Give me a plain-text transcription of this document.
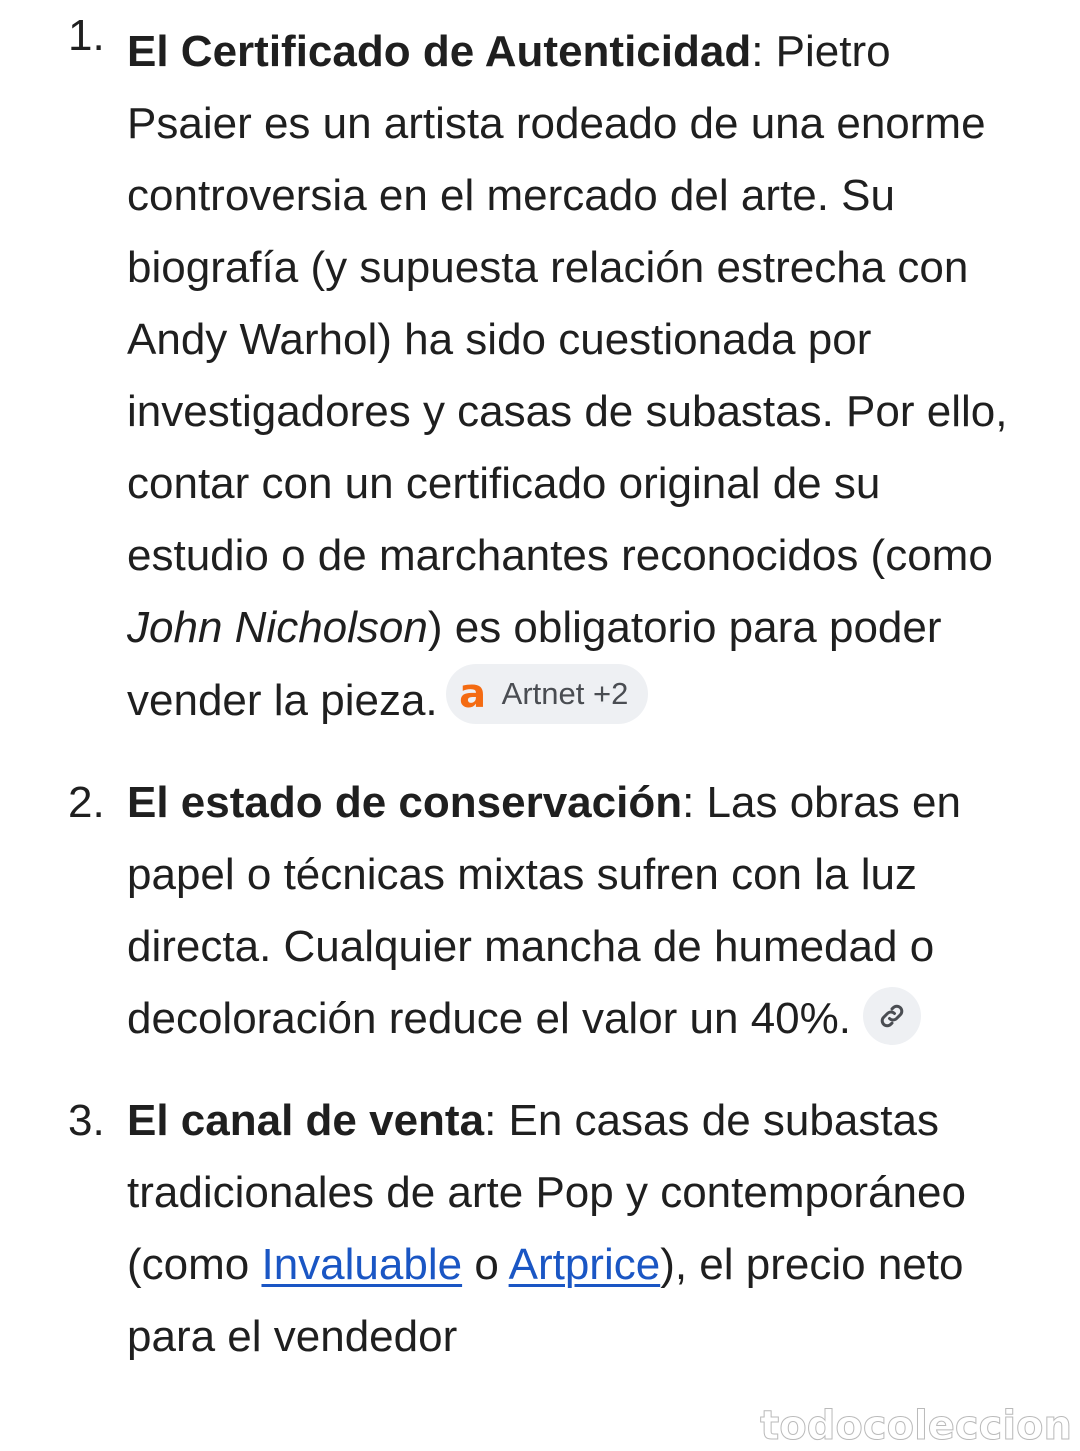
1. El Certificado de Autenticidad: Pietro Psaier es un artista rodeado de una enorme controversia en el mercado del arte. Su biografía (y supuesta relación estrecha con Andy Warhol) ha sido cuestionada por investigadores y casas de subastas. Por ello, contar con un certificado original de su estudio o de marchantes reconocidos (como John Nicholson) es obligatorio para poder vender la pieza. a Artnet +2
2. El estado de conservación: Las obras en papel o técnicas mixtas sufren con la luz directa. Cualquier mancha de humedad o decoloración reduce el valor un 40%.
3. El canal de venta: En casas de subastas tradicionales de arte Pop y contemporáneo (como Invaluable o Artprice), el precio neto para el vendedor
todocoleccion
